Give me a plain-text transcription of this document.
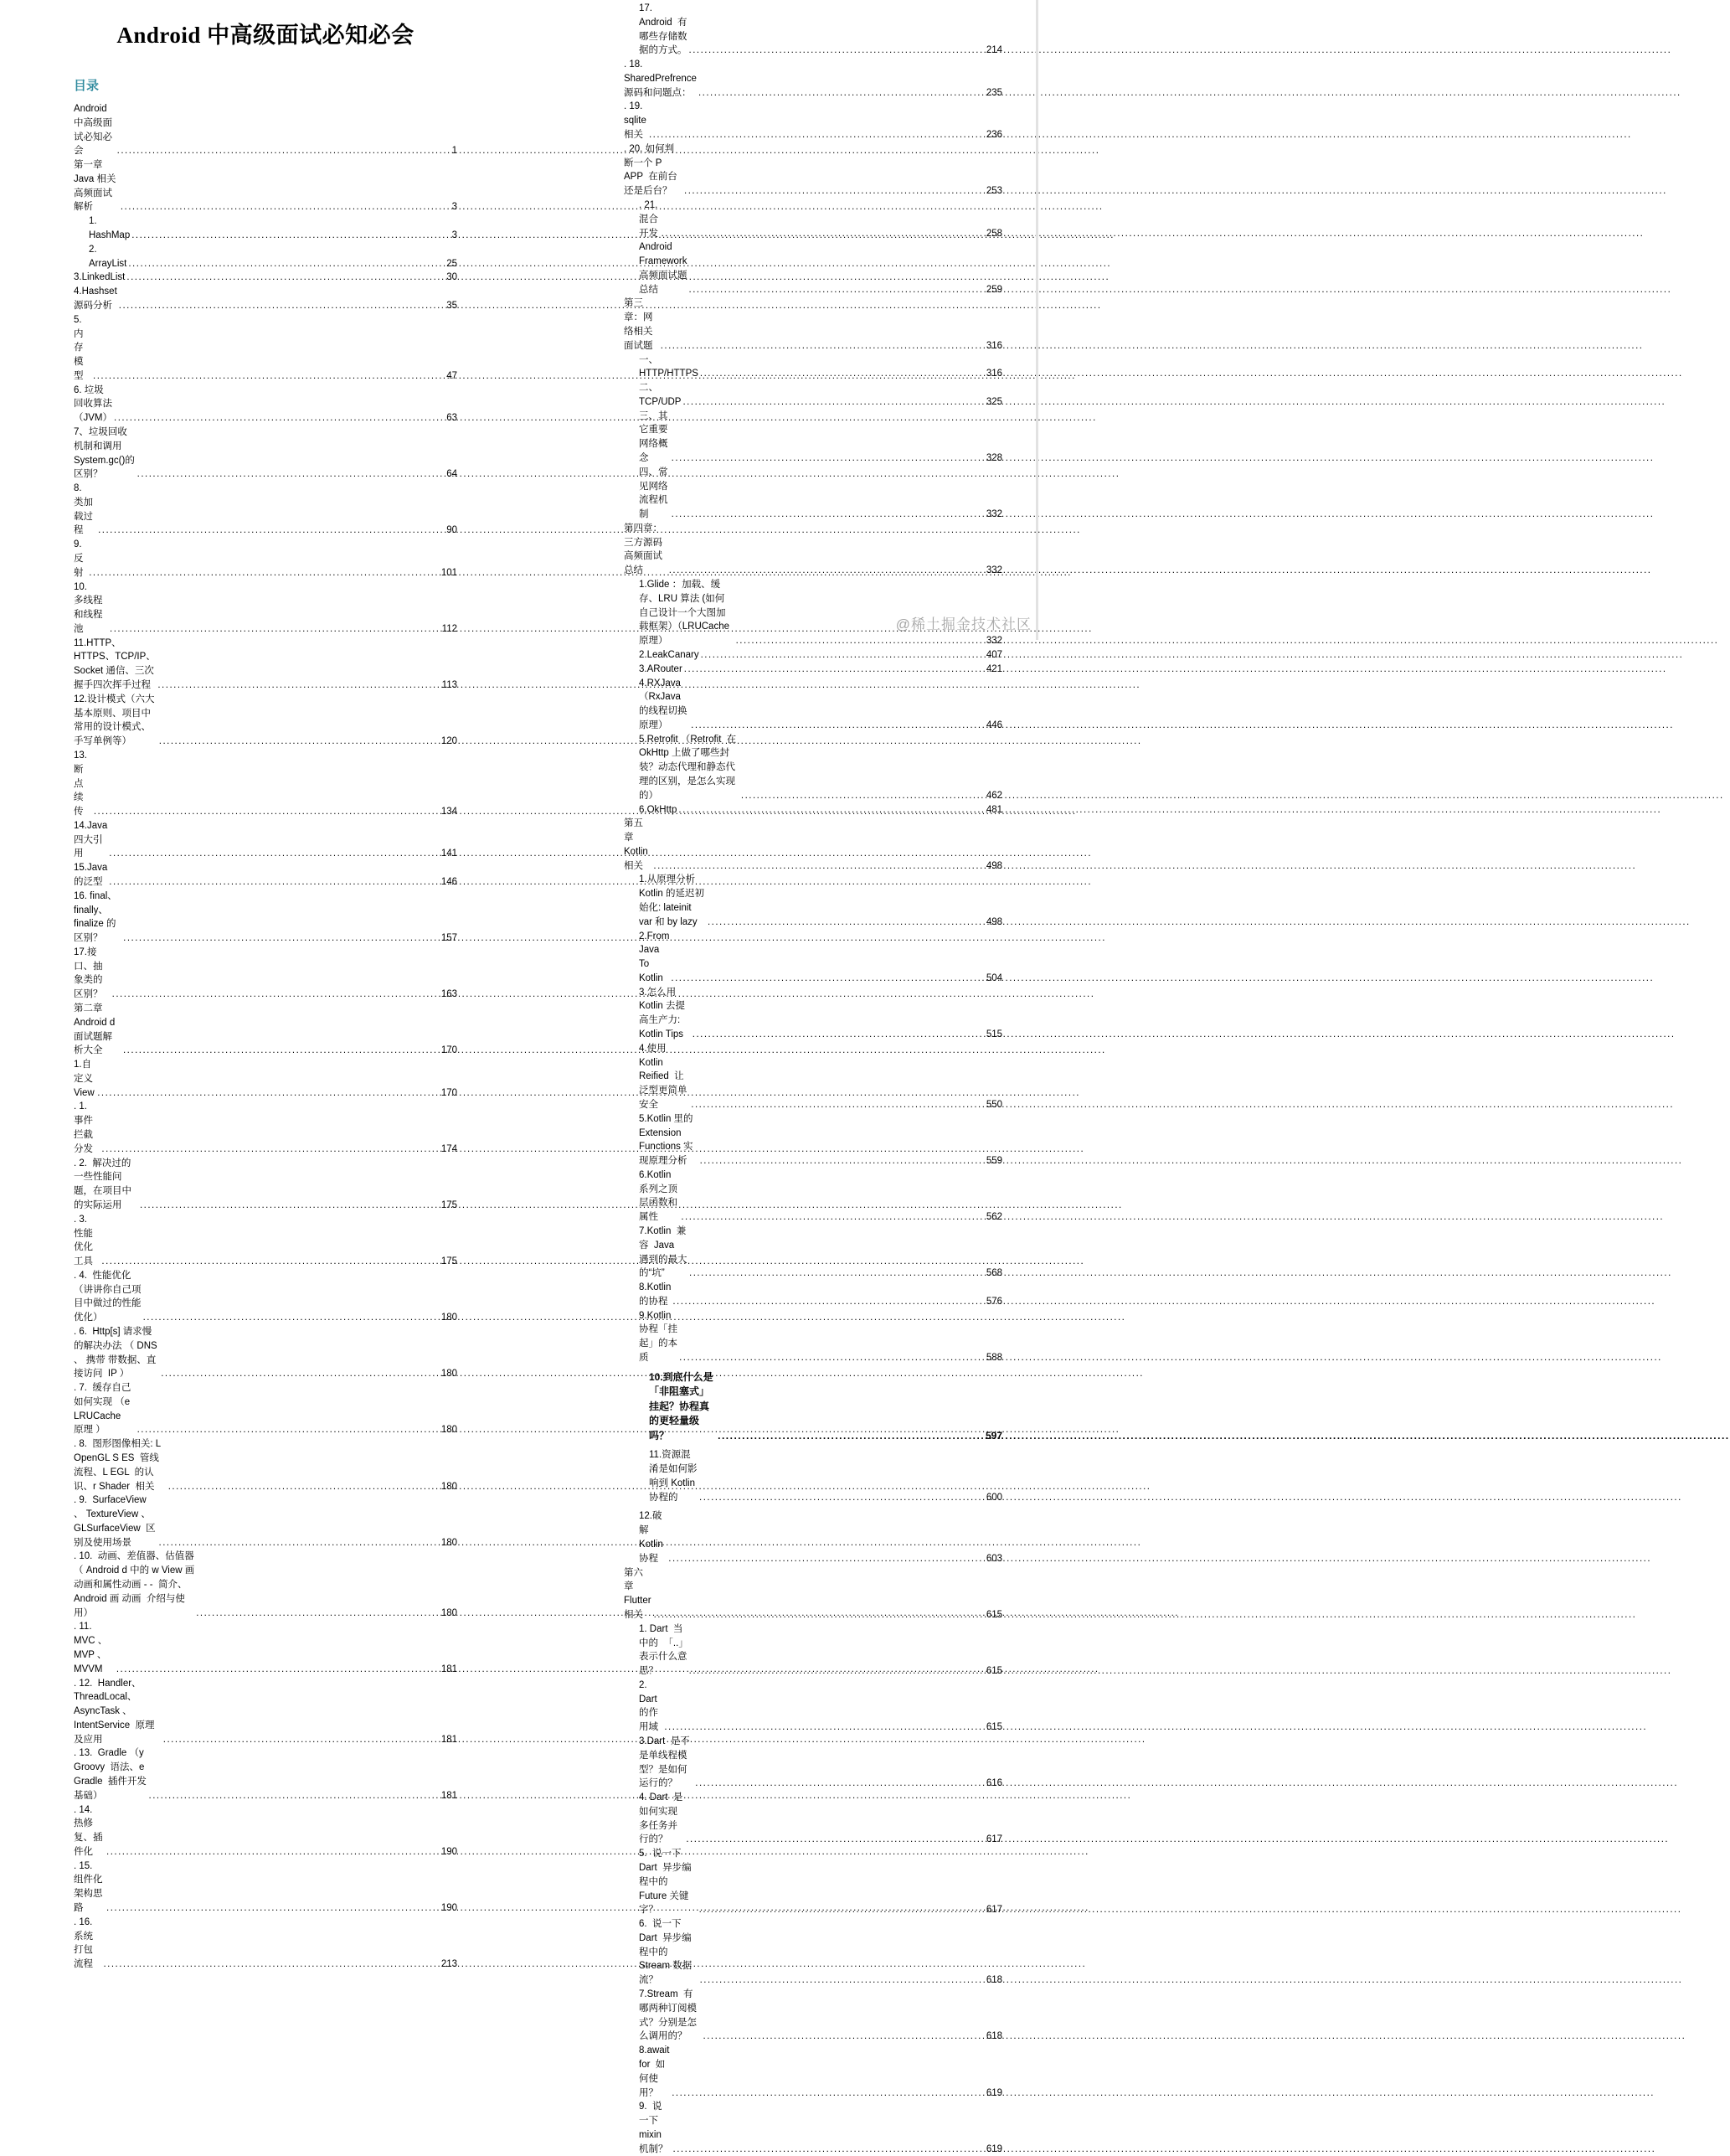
Android 中高级面试必知必会
目录
Android 中高级面试必知必会 .....	1
第一章  Java 相关高频面试解析 .....	3
1.    HashMap .....	3
2.    ArrayList .....	25
3.LinkedList .....	30
4.Hashset 源码分析 .....	35
5. 内存模型 .....	47
6. 垃圾回收算法（JVM） .....	63
7、垃圾回收机制和调用  System.gc()的区别？ .....	64
8.   类加载过程 .....	90
9.    反射 .....	101
10.        多线程和线程池 .....	112
11.HTTP、HTTPS、TCP/IP、Socket 通信、三次握手四次挥手过程 .....	113
12.设计模式（六大基本原则、项目中常用的设计模式、手写单例等） .....	120
13.断点续传 .....	134
14.Java 四大引用 .....	141
15.Java 的泛型 .....	146
16. final、finally、finalize 的区别？ .....	157
17.接口、抽象类的区别？ .....	163
第二章  Android d  面试题解析大全 .....	170
1.自定义  View .....	170
. 1.  事件拦截分发 .....	174
. 2.  解决过的一些性能问题，在项目中的实际运用 .....	175
. 3.  性能优化工具 .....	175
. 4.  性能优化 （讲讲你自己项目中做过的性能优化） .....	180
. 6.  Http[s] 请求慢的解决办法 （ DNS 、 携带 带数据、直接访问  IP ） .....	180
. 7.  缓存自己如何实现 （e LRUCache  原理 ） .....	180
. 8.  图形图像相关: L OpenGL S ES  管线流程、L EGL  的认识、r Shader  相关 .....	180
. 9.  SurfaceView 、 TextureView 、GLSurfaceView  区别及使用场景 .....	180
. 10.  动画、差值器、估值器（ Android d 中的 w View 画 动画和属性动画 - -  简介、Android 画 动画  介绍与使用） .....	180
. 11.  MVC 、 MVP 、 MVVM .....	181
. 12.  Handler、  ThreadLocal、  AsyncTask 、 IntentService  原理及应用 .....	181
. 13.  Gradle （y Groovy  语法、e Gradle  插件开发基础） .....	181
. 14.  热修复、插件化 .....	190
. 15.  组件化架构思路 .....	190
. 16.  系统打包流程 .....	213
17. Android  有哪些存储数据的方式。 .....	214
. 18. SharedPrefrence  源码和问题点： .....	235
. 19. sqlite  相关 .....	236
. 20. 如何判断一个 P APP  在前台还是后台？ .....	253
. 21.  混合开发 .....	258
Android Framework 高频面试题总结 .....	259
第三章：网络相关面试题 .....	316
一、HTTP/HTTPS .....	316
二、  TCP/UDP .....	325
三、其它重要网络概念 .....	328
四、常见网络流程机制 .....	332
第四章：三方源码高频面试总结 .....	332
1.Glide ：加载、缓存、LRU 算法 (如何自己设计一个大图加载框架）（LRUCache 原理） .....	332
2.LeakCanary .....	407
3.ARouter .....	421
4.RXJava  （RxJava 的线程切换原理） .....	446
5.Retrofit （Retrofit  在  OkHttp 上做了哪些封装？动态代理和静态代理的区别，是怎么实现的） .....	462
6.OkHttp .....	481
第五章  Kotlin  相关 .....	498
1.从原理分析 Kotlin 的延迟初始化: lateinit var 和 by lazy .....	498
2.From Java To Kotlin .....	504
3.怎么用 Kotlin 去提高生产力: Kotlin Tips .....	515
4.使用 Kotlin Reified  让泛型更简单安全 .....	550
5.Kotlin 里的 Extension Functions 实现原理分析 .....	559
6.Kotlin 系列之顶层函数和属性 .....	562
7.Kotlin  兼容  Java  遇到的最大的“坑” .....	568
8.Kotlin  的协程 .....	576
9.Kotlin  协程「挂起」的本质 .....	588
10.到底什么是「非阻塞式」挂起？协程真的更轻量级吗？ .....	597
11.资源混淆是如何影响到 Kotlin 协程的 .....	600
12.破解  Kotlin  协程 .....	603
第六章  Flutter 相关 .....	615
1. Dart  当中的  「..」表示什么意思？ .....	615
2. Dart  的作用域 .....	615
3.Dart  是不是单线程模型？是如何运行的？ .....	616
4. Dart  是如何实现多任务并行的？ .....	617
5.  说一下 Dart  异步编程中的  Future 关键字？ .....	617
6.  说一下 Dart  异步编程中的  Stream 数据流？ .....	618
7.Stream  有哪两种订阅模式？分别是怎么调用的？ .....	618
8.await for  如何使用？ .....	619
9.  说一下  mixin 机制？ .....	619
@稀土掘金技术社区
